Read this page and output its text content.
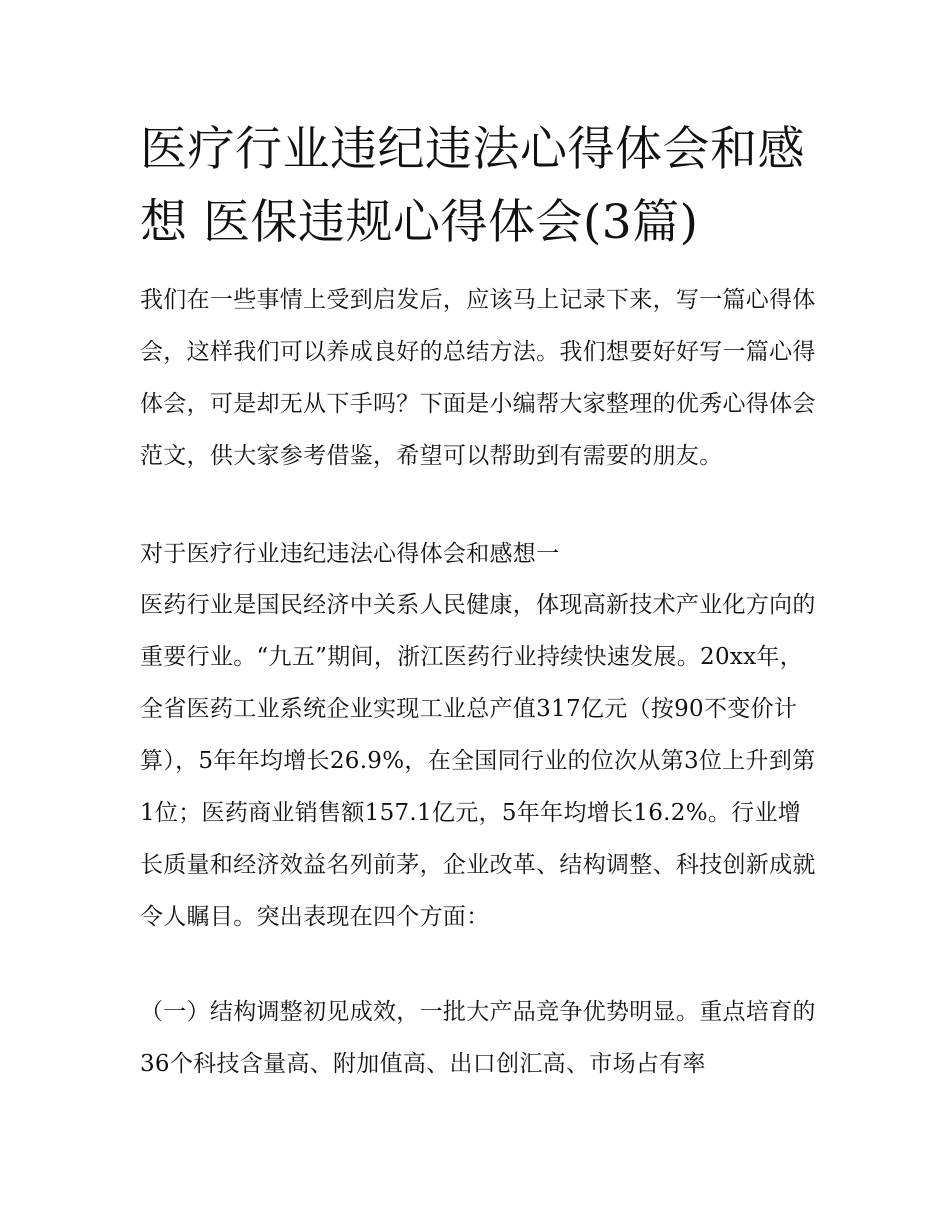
医疗行业违纪违法心得体会和感想 医保违规心得体会(3篇)

我们在一些事情上受到启发后，应该马上记录下来，写一篇心得体会，这样我们可以养成良好的总结方法。我们想要好好写一篇心得体会，可是却无从下手吗？下面是小编帮大家整理的优秀心得体会范文，供大家参考借鉴，希望可以帮助到有需要的朋友。

对于医疗行业违纪违法心得体会和感想一

医药行业是国民经济中关系人民健康，体现高新技术产业化方向的重要行业。“九五”期间，浙江医药行业持续快速发展。20xx年，全省医药工业系统企业实现工业总产值317亿元（按90不变价计算），5年年均增长26.9%，在全国同行业的位次从第3位上升到第1位；医药商业销售额157.1亿元，5年年均增长16.2%。行业增长质量和经济效益名列前茅，企业改革、结构调整、科技创新成就令人瞩目。突出表现在四个方面：

（一）结构调整初见成效，一批大产品竞争优势明显。重点培育的36个科技含量高、附加值高、出口创汇高、市场占有率
